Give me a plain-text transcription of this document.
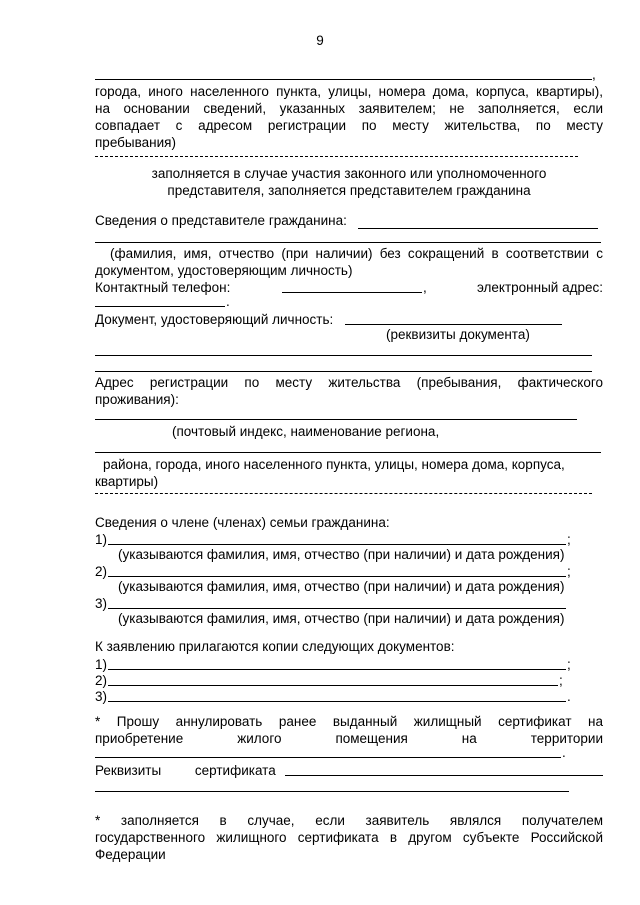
9
,
города, иного населенного пункта, улицы, номера дома, корпуса, квартиры),
на основании сведений, указанных заявителем; не заполняется, если
совпадает с адресом регистрации по месту жительства, по месту
пребывания)
заполняется в случае участия законного или уполномоченного
представителя, заполняется представителем гражданина
Сведения о представителе гражданина:
(фамилия, имя, отчество (при наличии) без сокращений в соответствии с
документом, удостоверяющим личность)
Контактный телефон:	,	электронный адрес:
.
Документ, удостоверяющий личность:
(реквизиты документа)
Адрес регистрации по месту жительства (пребывания, фактического
проживания):
(почтовый индекс, наименование региона,
района, города, иного населенного пункта, улицы, номера дома, корпуса,
квартиры)
Сведения о члене (членах) семьи гражданина:
1)	;
(указываются фамилия, имя, отчество (при наличии) и дата рождения)
2)	;
(указываются фамилия, имя, отчество (при наличии) и дата рождения)
3)
(указываются фамилия, имя, отчество (при наличии) и дата рождения)
К заявлению прилагаются копии следующих документов:
1)	;
2)	;
3)	.
* Прошу аннулировать ранее выданный жилищный сертификат на
приобретение жилого помещения на территории
.
Реквизиты сертификата
* заполняется в случае, если заявитель являлся получателем
государственного жилищного сертификата в другом субъекте Российской
Федерации
